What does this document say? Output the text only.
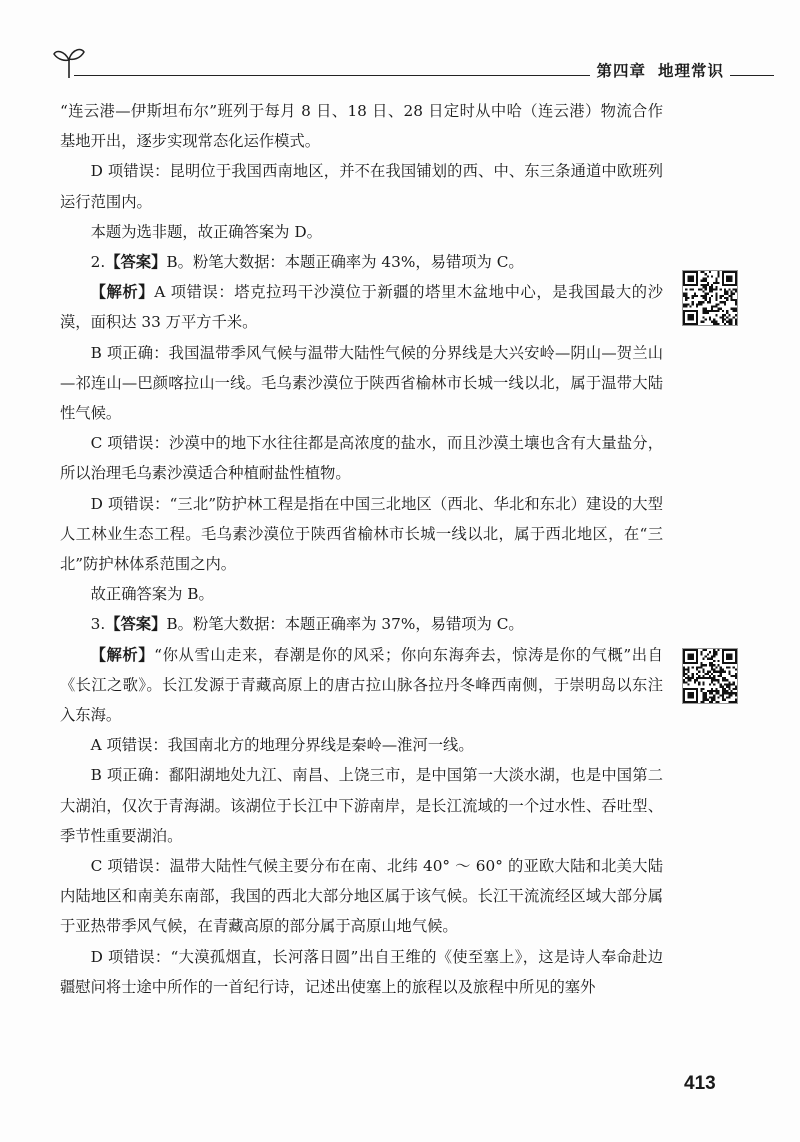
第四章 地理常识

“连云港—伊斯坦布尔”班列于每月 8 日、18 日、28 日定时从中哈（连云港）物流合作基地开出，逐步实现常态化运作模式。

D 项错误：昆明位于我国西南地区，并不在我国铺划的西、中、东三条通道中欧班列运行范围内。

本题为选非题，故正确答案为 D。

2.【答案】B。粉笔大数据：本题正确率为 43%，易错项为 C。

【解析】A 项错误：塔克拉玛干沙漠位于新疆的塔里木盆地中心，是我国最大的沙漠，面积达 33 万平方千米。

B 项正确：我国温带季风气候与温带大陆性气候的分界线是大兴安岭—阴山—贺兰山—祁连山—巴颜喀拉山一线。毛乌素沙漠位于陕西省榆林市长城一线以北，属于温带大陆性气候。

C 项错误：沙漠中的地下水往往都是高浓度的盐水，而且沙漠土壤也含有大量盐分，所以治理毛乌素沙漠适合种植耐盐性植物。

D 项错误：“三北”防护林工程是指在中国三北地区（西北、华北和东北）建设的大型人工林业生态工程。毛乌素沙漠位于陕西省榆林市长城一线以北，属于西北地区，在“三北”防护林体系范围之内。

故正确答案为 B。

3.【答案】B。粉笔大数据：本题正确率为 37%，易错项为 C。

【解析】“你从雪山走来，春潮是你的风采；你向东海奔去，惊涛是你的气概”出自《长江之歌》。长江发源于青藏高原上的唐古拉山脉各拉丹冬峰西南侧，于崇明岛以东注入东海。

A 项错误：我国南北方的地理分界线是秦岭—淮河一线。

B 项正确：鄱阳湖地处九江、南昌、上饶三市，是中国第一大淡水湖，也是中国第二大湖泊，仅次于青海湖。该湖位于长江中下游南岸，是长江流域的一个过水性、吞吐型、季节性重要湖泊。

C 项错误：温带大陆性气候主要分布在南、北纬 40° ～ 60° 的亚欧大陆和北美大陆内陆地区和南美东南部，我国的西北大部分地区属于该气候。长江干流流经区域大部分属于亚热带季风气候，在青藏高原的部分属于高原山地气候。

D 项错误：“大漠孤烟直，长河落日圆”出自王维的《使至塞上》，这是诗人奉命赴边疆慰问将士途中所作的一首纪行诗，记述出使塞上的旅程以及旅程中所见的塞外

413
